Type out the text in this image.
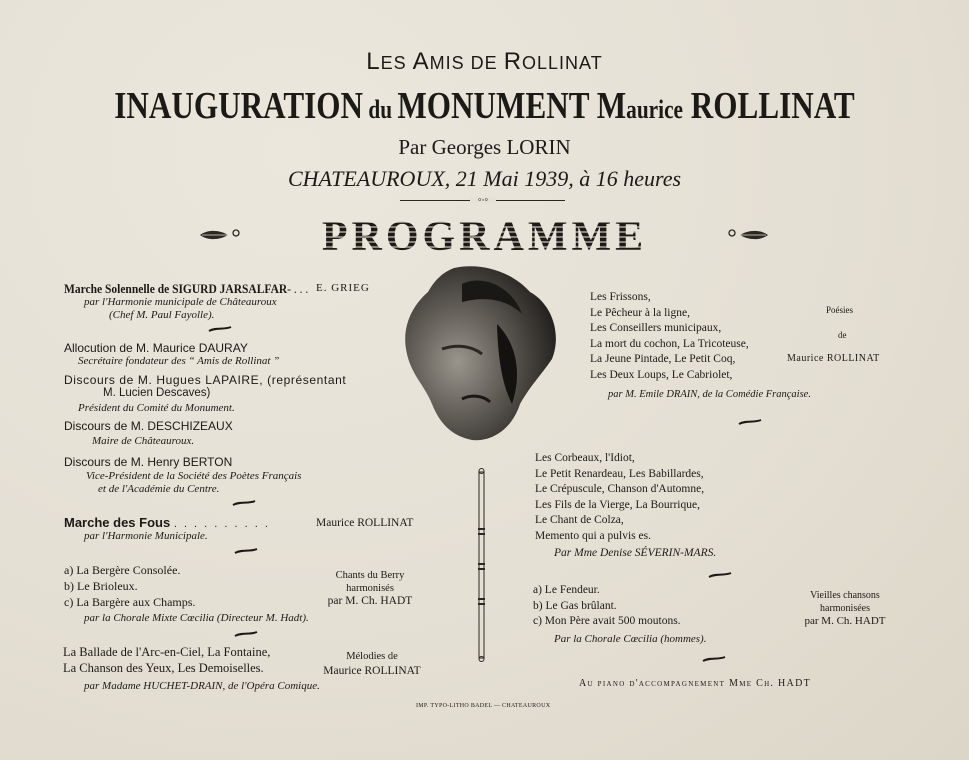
LES AMIS DE ROLLINAT
INAUGURATION du MONUMENT Maurice ROLLINAT
Par Georges LORIN
CHATEAUROUX, 21 Mai 1939, à 16 heures
⸰◦⸰
PROGRAMME
Marche Solennelle de SIGURD JARSALFAR- . . . E. GRIEG
par l'Harmonie municipale de Châteauroux
(Chef M. Paul Fayolle).
Allocution de M. Maurice DAURAY
Secrétaire fondateur des “ Amis de Rollinat ”
Discours de M. Hugues LAPAIRE, (représentant
M. Lucien Descaves)
Président du Comité du Monument.
Discours de M. DESCHIZEAUX
Maire de Châteauroux.
Discours de M. Henry BERTON
Vice-Président de la Société des Poètes Français
et de l'Académie du Centre.
Marche des Fous . . . . . . . . . .	Maurice ROLLINAT
par l'Harmonie Municipale.
a) La Bergère Consolée.
b) Le Brioleux.
c) La Bargère aux Champs.
Chants du Berry
harmonisés
par M. Ch. HADT
par la Chorale Mixte Cœcilia (Directeur M. Hadt).
La Ballade de l'Arc-en-Ciel, La Fontaine,
La Chanson des Yeux, Les Demoiselles.
Mélodies de
Maurice ROLLINAT
par Madame HUCHET-DRAIN, de l'Opéra Comique.
Les Frissons,
Le Pêcheur à la ligne,
Les Conseillers municipaux,
La mort du cochon, La Tricoteuse,
La Jeune Pintade, Le Petit Coq,
Les Deux Loups, Le Cabriolet,
Poésies
de
Maurice ROLLINAT
par M. Emile DRAIN, de la Comédie Française.
Les Corbeaux, l'Idiot,
Le Petit Renardeau, Les Babillardes,
Le Crépuscule, Chanson d'Automne,
Les Fils de la Vierge, La Bourrique,
Le Chant de Colza,
Memento qui a pulvis es.
Par Mme Denise SÉVERIN-MARS.
a) Le Fendeur.
b) Le Gas brûlant.
c) Mon Père avait 500 moutons.
Vieilles chansons
harmonisées
par M. Ch. HADT
Par la Chorale Cœcilia (hommes).
Au piano d'accompagnement Mme Ch. HADT
IMP. TYPO-LITHO BADEL — CHATEAUROUX
